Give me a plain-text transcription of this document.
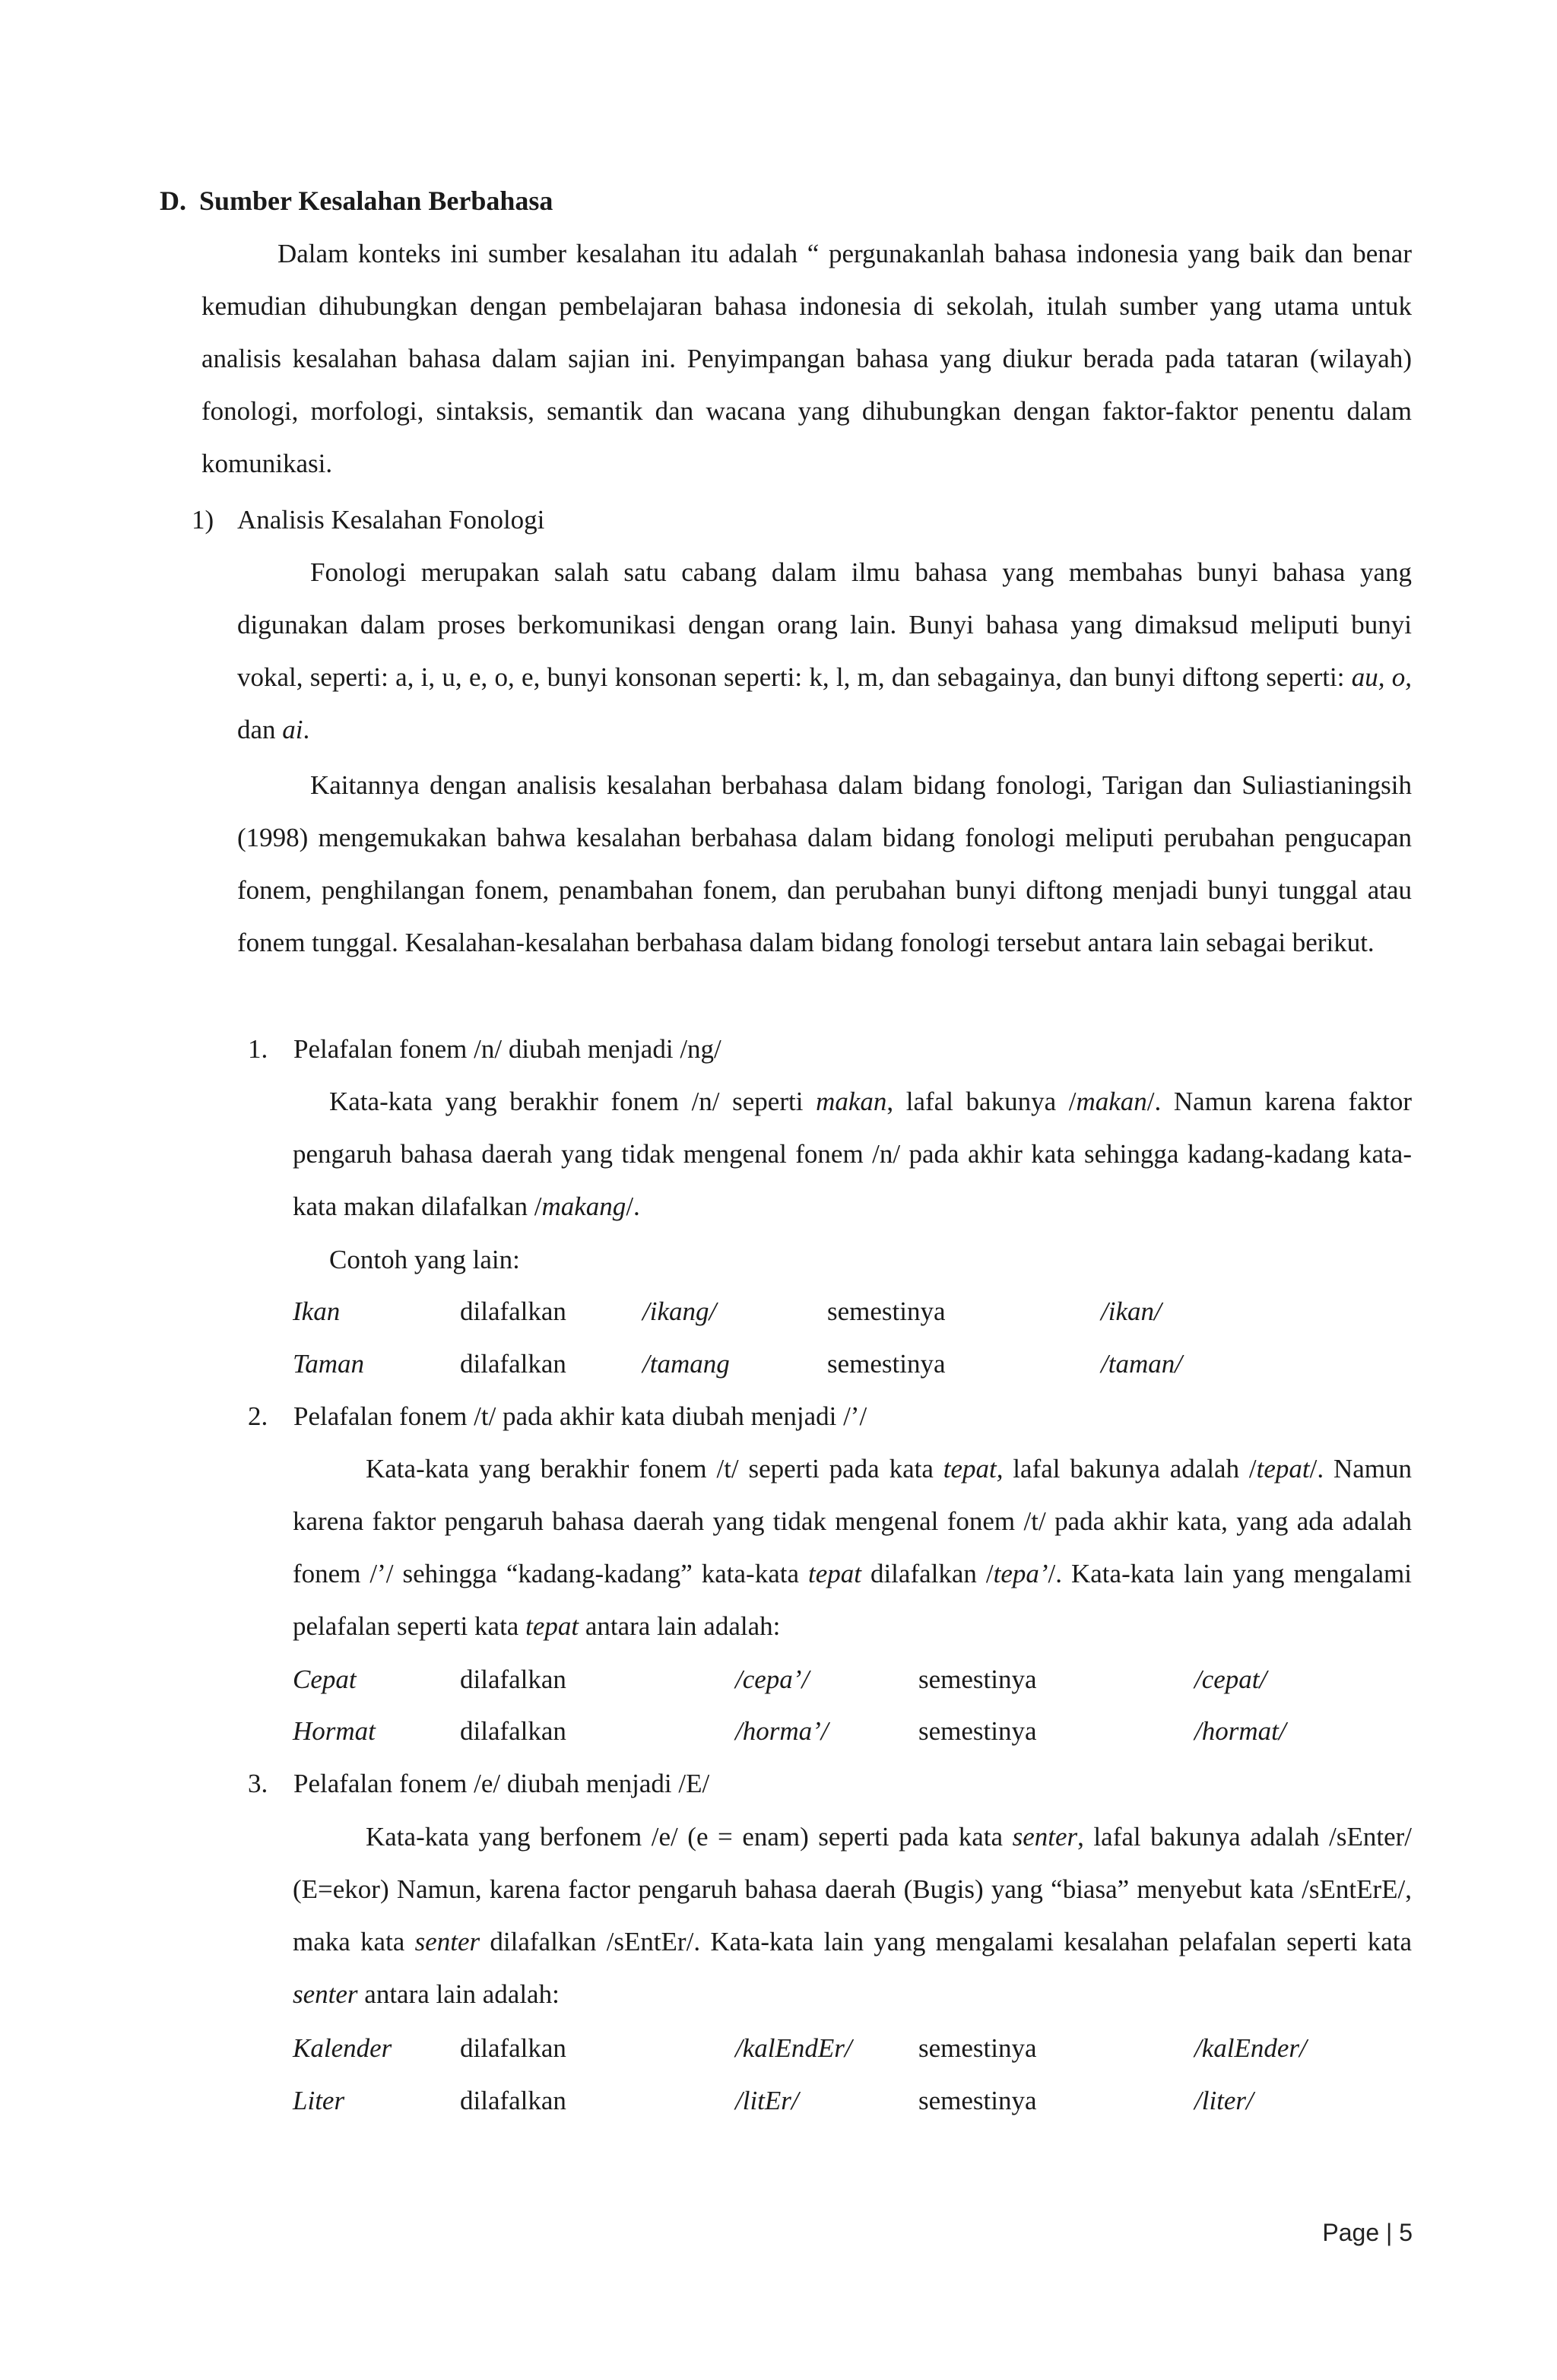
D. Sumber Kesalahan Berbahasa
Dalam konteks ini sumber kesalahan itu adalah “ pergunakanlah bahasa indonesia yang baik dan benar kemudian dihubungkan dengan pembelajaran bahasa indonesia di sekolah, itulah sumber yang utama untuk analisis kesalahan bahasa dalam sajian ini. Penyimpangan bahasa yang diukur berada pada tataran (wilayah) fonologi, morfologi, sintaksis, semantik dan wacana yang dihubungkan dengan faktor-faktor penentu dalam komunikasi.
1) Analisis Kesalahan Fonologi
Fonologi merupakan salah satu cabang dalam ilmu bahasa yang membahas bunyi bahasa yang digunakan dalam proses berkomunikasi dengan orang lain. Bunyi bahasa yang dimaksud meliputi bunyi vokal, seperti: a, i, u, e, o, e, bunyi konsonan seperti: k, l, m, dan sebagainya, dan bunyi diftong seperti: au, o, dan ai.
Kaitannya dengan analisis kesalahan berbahasa dalam bidang fonologi, Tarigan dan Suliastianingsih (1998) mengemukakan bahwa kesalahan berbahasa dalam bidang fonologi meliputi perubahan pengucapan fonem, penghilangan fonem, penambahan fonem, dan perubahan bunyi diftong menjadi bunyi tunggal atau fonem tunggal. Kesalahan-kesalahan berbahasa dalam bidang fonologi tersebut antara lain sebagai berikut.
1. Pelafalan fonem /n/ diubah menjadi /ng/
Kata-kata yang berakhir fonem /n/ seperti makan, lafal bakunya /makan/. Namun karena faktor pengaruh bahasa daerah yang tidak mengenal fonem /n/ pada akhir kata sehingga kadang-kadang kata-kata makan dilafalkan /makang/.
Contoh yang lain:
Ikan	dilafalkan	/ikang/	semestinya	/ikan/
Taman	dilafalkan	/tamang	semestinya	/taman/
2. Pelafalan fonem /t/ pada akhir kata diubah menjadi /’/
Kata-kata yang berakhir fonem /t/ seperti pada kata tepat, lafal bakunya adalah /tepat/. Namun karena faktor pengaruh bahasa daerah yang tidak mengenal fonem /t/ pada akhir kata, yang ada adalah fonem /’/ sehingga “kadang-kadang” kata-kata tepat dilafalkan /tepa’/. Kata-kata lain yang mengalami pelafalan seperti kata tepat antara lain adalah:
Cepat	dilafalkan	/cepa’/	semestinya	/cepat/
Hormat	dilafalkan	/horma’/	semestinya	/hormat/
3. Pelafalan fonem /e/ diubah menjadi /E/
Kata-kata yang berfonem /e/ (e = enam) seperti pada kata senter, lafal bakunya adalah /sEnter/ (E=ekor) Namun, karena factor pengaruh bahasa daerah (Bugis) yang “biasa” menyebut kata /sEntErE/, maka kata senter dilafalkan /sEntEr/. Kata-kata lain yang mengalami kesalahan pelafalan seperti kata senter antara lain adalah:
Kalender	dilafalkan	/kalEndEr/ semestinya	/kalEnder/
Liter	dilafalkan	/litEr/	semestinya	/liter/
Page | 5
